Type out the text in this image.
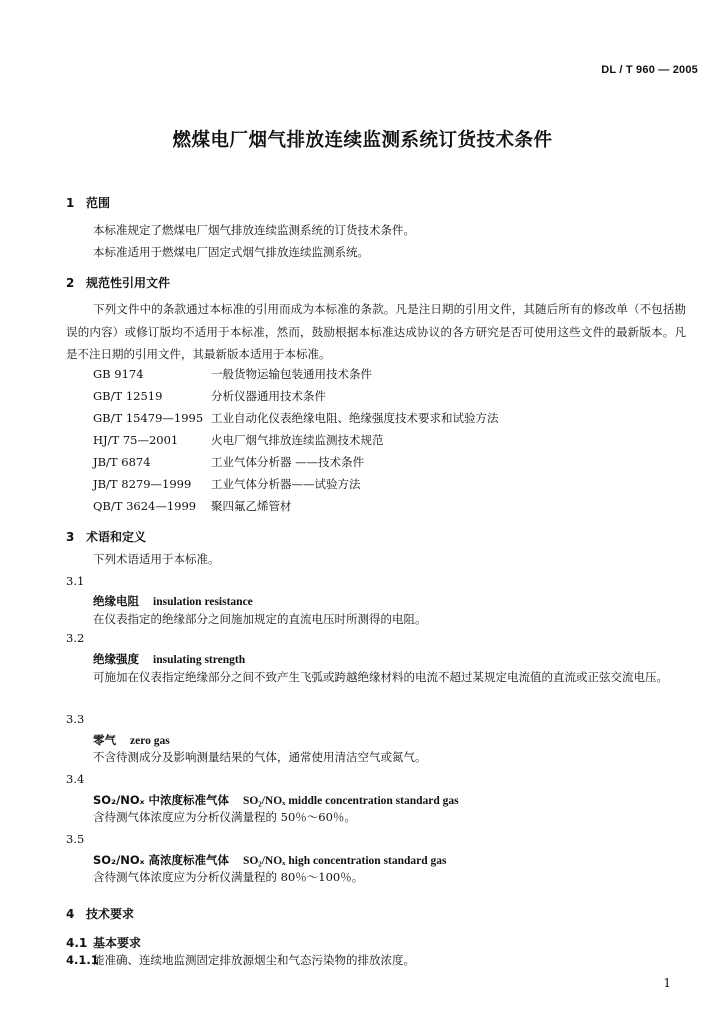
DL / T 960 — 2005
燃煤电厂烟气排放连续监测系统订货技术条件
1 范围
本标准规定了燃煤电厂烟气排放连续监测系统的订货技术条件。
本标准适用于燃煤电厂固定式烟气排放连续监测系统。
2 规范性引用文件
下列文件中的条款通过本标准的引用而成为本标准的条款。凡是注日期的引用文件，其随后所有的修改单（不包括勘误的内容）或修订版均不适用于本标准，然而，鼓励根据本标准达成协议的各方研究是否可使用这些文件的最新版本。凡是不注日期的引用文件，其最新版本适用于本标准。
GB 9174	一般货物运输包装通用技术条件
GB/T 12519	分析仪器通用技术条件
GB/T 15479—1995 工业自动化仪表绝缘电阻、绝缘强度技术要求和试验方法
HJ/T 75—2001	火电厂烟气排放连续监测技术规范
JB/T 6874	工业气体分析器 ——技术条件
JB/T 8279—1999 工业气体分析器——试验方法
QB/T 3624—1999 聚四氟乙烯管材
3 术语和定义
下列术语适用于本标准。
3.1
绝缘电阻 insulation resistance
在仪表指定的绝缘部分之间施加规定的直流电压时所测得的电阻。
3.2
绝缘强度 insulating strength
可施加在仪表指定绝缘部分之间不致产生飞弧或跨越绝缘材料的电流不超过某规定电流值的直流或正弦交流电压。
3.3
零气 zero gas
不含待测成分及影响测量结果的气体，通常使用清洁空气或氮气。
3.4
SO₂/NOₓ 中浓度标准气体 SO₂/NOₓ middle concentration standard gas
含待测气体浓度应为分析仪满量程的 50％～60％。
3.5
SO₂/NOₓ 高浓度标准气体 SO₂/NOₓ high concentration standard gas
含待测气体浓度应为分析仪满量程的 80％～100％。
4 技术要求
4.1 基本要求
4.1.1能准确、连续地监测固定排放源烟尘和气态污染物的排放浓度。
1
